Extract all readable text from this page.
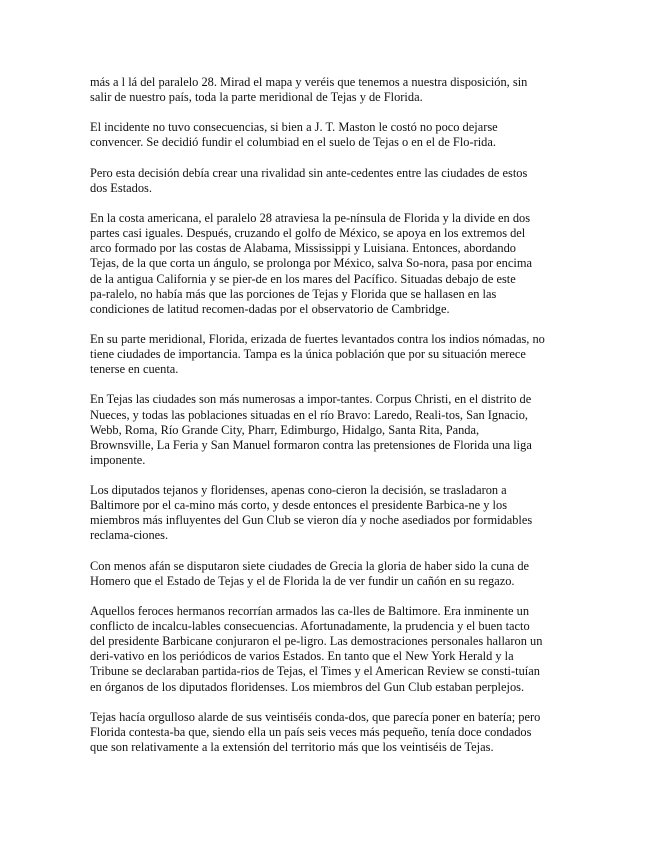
más a l lá del paralelo 28. Mirad el mapa y veréis que tenemos a nuestra disposición, sin
salir de nuestro país, toda la parte meridional de Tejas y de Florida.

El incidente no tuvo consecuencias, si bien a J. T. Maston le costó no poco dejarse
convencer. Se decidió fundir el columbiad en el suelo de Tejas o en el de Flo-rida.

Pero esta decisión debía crear una rivalidad sin ante-cedentes entre las ciudades de estos
dos Estados.

En la costa americana, el paralelo 28 atraviesa la pe-nínsula de Florida y la divide en dos
partes casi iguales. Después, cruzando el golfo de México, se apoya en los extremos del
arco formado por las costas de Alabama, Mississippi y Luisiana. Entonces, abordando
Tejas, de la que corta un ángulo, se prolonga por México, salva So-nora, pasa por encima
de la antigua California y se pier-de en los mares del Pacífico. Situadas debajo de este
pa-ralelo, no había más que las porciones de Tejas y Florida que se hallasen en las
condiciones de latitud recomen-dadas por el observatorio de Cambridge.

En su parte meridional, Florida, erizada de fuertes levantados contra los indios nómadas, no
tiene ciudades de importancia. Tampa es la única población que por su situación merece
tenerse en cuenta.

En Tejas las ciudades son más numerosas a impor-tantes. Corpus Christi, en el distrito de
Nueces, y todas las poblaciones situadas en el río Bravo: Laredo, Reali-tos, San Ignacio,
Webb, Roma, Río Grande City, Pharr, Edimburgo, Hidalgo, Santa Rita, Panda,
Brownsville, La Feria y San Manuel formaron contra las pretensiones de Florida una liga
imponente.

Los diputados tejanos y floridenses, apenas cono-cieron la decisión, se trasladaron a
Baltimore por el ca-mino más corto, y desde entonces el presidente Barbica-ne y los
miembros más influyentes del Gun Club se vieron día y noche asediados por formidables
reclama-ciones.

Con menos afán se disputaron siete ciudades de Grecia la gloria de haber sido la cuna de
Homero que el Estado de Tejas y el de Florida la de ver fundir un cañón en su regazo.

Aquellos feroces hermanos recorrían armados las ca-lles de Baltimore. Era inminente un
conflicto de incalcu-lables consecuencias. Afortunadamente, la prudencia y el buen tacto
del presidente Barbicane conjuraron el pe-ligro. Las demostraciones personales hallaron un
deri-vativo en los periódicos de varios Estados. En tanto que el New York Herald y la
Tribune se declaraban partida-rios de Tejas, el Times y el American Review se consti-tuían
en órganos de los diputados floridenses. Los miembros del Gun Club estaban perplejos.

Tejas hacía orgulloso alarde de sus veintiséis conda-dos, que parecía poner en batería; pero
Florida contesta-ba que, siendo ella un país seis veces más pequeño, tenía doce condados
que son relativamente a la extensión del territorio más que los veintiséis de Tejas.
